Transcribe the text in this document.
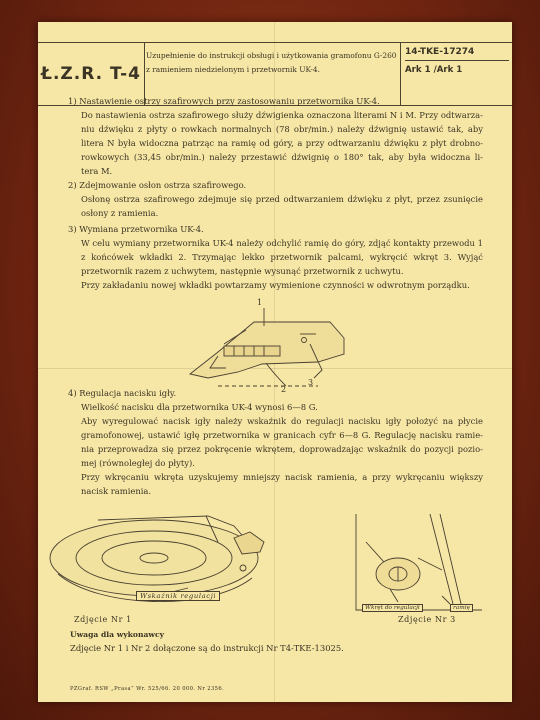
Ł.Z.R. T-4
Uzupełnienie do instrukcji obsługi i użytkowania gramofonu G-260
z ramieniem niedzielonym i przetwornik UK-4.
14-TKE-17274
Ark 1 /Ark 1
1) Nastawienie ostrzy szafirowych przy zastosowaniu przetwornika UK-4.
Do nastawienia ostrza szafirowego służy dźwigienka oznaczona literami N i M. Przy odtwarza-
niu dźwięku z płyty o rowkach normalnych (78 obr/min.) należy dźwignię ustawić tak, aby
litera N była widoczna patrząc na ramię od góry, a przy odtwarzaniu dźwięku z płyt drobno-
rowkowych (33,45 obr/min.) należy przestawić dźwignię o 180° tak, aby była widoczna li-
tera M.
2) Zdejmowanie osłon ostrza szafirowego.
Osłonę ostrza szafirowego zdejmuje się przed odtwarzaniem dźwięku z płyt, przez zsunięcie
osłony z ramienia.
3) Wymiana przetwornika UK-4.
W celu wymiany przetwornika UK-4 należy odchylić ramię do góry, zdjąć kontakty przewodu 1
z końcówek wkładki 2. Trzymając lekko przetwornik palcami, wykręcić wkręt 3. Wyjąć
przetwornik razem z uchwytem, następnie wysunąć przetwornik z uchwytu.
Przy zakładaniu nowej wkładki powtarzamy wymienione czynności w odwrotnym porządku.
1
2
3
4) Regulacja nacisku igły.
Wielkość nacisku dla przetwornika UK-4 wynosi 6—8 G.
Aby wyregulować nacisk igły należy wskaźnik do regulacji nacisku igły położyć na płycie
gramofonowej, ustawić igłę przetwornika w granicach cyfr 6—8 G. Regulację nacisku ramie-
nia przeprowadza się przez pokręcenie wkrętem, doprowadzając wskaźnik do pozycji pozio-
mej (równoległej do płyty).
Przy wkręcaniu wkręta uzyskujemy mniejszy nacisk ramienia, a przy wykręcaniu większy
nacisk ramienia.
Wskaźnik regulacji
Wkręt do regulacji	ramię
Zdjęcie Nr 1	Zdjęcie Nr 3
Uwaga dla wykonawcy
Zdjęcie Nr 1 i Nr 2 dołączone są do instrukcji Nr T4-TKE-13025.
PZGraf. RSW „Prasa” Wr. 525/66. 20 000. Nr 2356.
